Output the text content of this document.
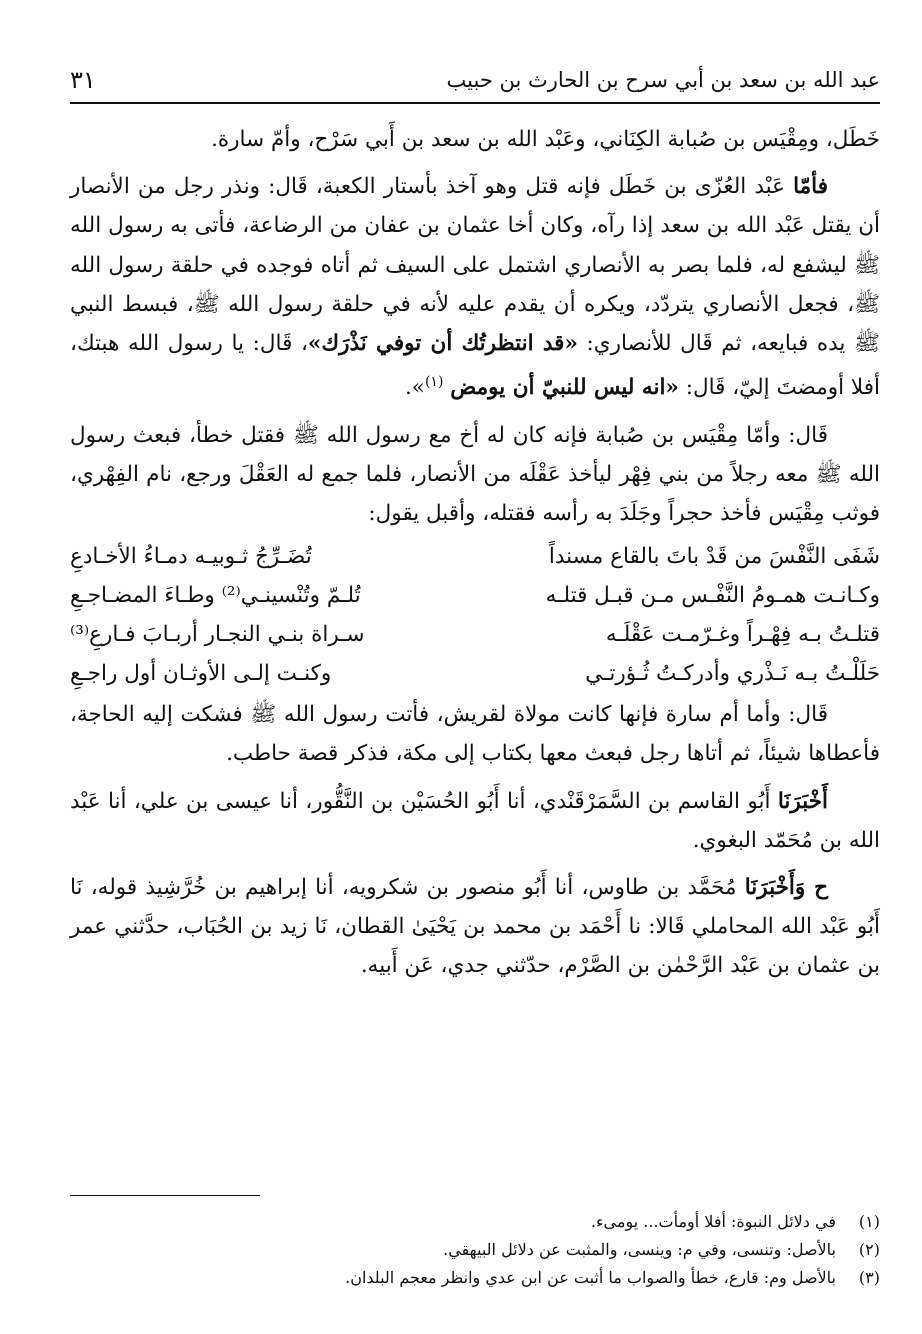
عبد الله بن سعد بن أبي سرح بن الحارث بن حبيب
٣١

خَطَل، ومِقْيَس بن صُبابة الكِنَاني، وعَبْد الله بن سعد بن أَبي سَرْح، وأمّ سارة.

فأمّا عَبْد العُزّى بن خَطَل فإنه قتل وهو آخذ بأستار الكعبة، قَال: ونذر رجل من الأنصار أن يقتل عَبْد الله بن سعد إذا رآه، وكان أخا عثمان بن عفان من الرضاعة، فأتى به رسول الله ﷺ ليشفع له، فلما بصر به الأنصاري اشتمل على السيف ثم أتاه فوجده في حلقة رسول الله ﷺ، فجعل الأنصاري يتردّد، ويكره أن يقدم عليه لأنه في حلقة رسول الله ﷺ، فبسط النبي ﷺ يده فبايعه، ثم قَال للأنصاري: «قد انتظرتُك أن توفي نَذْرَك»، قَال: يا رسول الله هبتك، أفلا أومضتَ إليّ، قَال: «انه ليس للنبيّ أن يومض $^{(١)}$».

قَال: وأمّا مِقْيَس بن صُبابة فإنه كان له أخ مع رسول الله ﷺ فقتل خطأ، فبعث رسول الله ﷺ معه رجلاً من بني فِهْر ليأخذ عَقْلَه من الأنصار، فلما جمع له العَقْلَ ورجع، نام الفِهْري، فوثب مِقْيَس فأخذ حجراً وجَلَدَ به رأسه فقتله، وأقبل يقول:

شَفَى النَّفْسَ من قَدْ باتَ بالقاع مسنداً
تُضَـرِّجُ ثـوبيـه دمـاءُ الأخـادعِ
وكـانـت همـومُ النَّفْـس مـن قبـل قتلـه
تُلـمّ وتُنْسينـي⁽²⁾ وطـاءَ المضـاجـعِ
قتلـتُ بـه فِهْـراً وغـرّمـت عَقْلَـه
سـراة بنـي النجـار أربـابَ فـارعِ⁽³⁾
حَلَلْـتُ بـه نَـذْري وأدركـتُ ثُـؤرتـي
وكنـت إلـى الأوثـان أول راجـعِ

قَال: وأما أم سارة فإنها كانت مولاة لقريش، فأتت رسول الله ﷺ فشكت إليه الحاجة، فأعطاها شيئاً، ثم أتاها رجل فبعث معها بكتاب إلى مكة، فذكر قصة حاطب.

أَخْبَرَنَا أَبُو القاسم بن السَّمَرْقَنْدي، أنا أَبُو الحُسَيْن بن النَّقُّور، أنا عيسى بن علي، أنا عَبْد الله بن مُحَمّد البغوي.

ح وَأَخْبَرَنَا مُحَمَّد بن طاوس، أنا أَبُو منصور بن شكرويه، أنا إبراهيم بن خُرَّشِيذ قوله، نَا أَبُو عَبْد الله المحاملي قَالا: نا أَحْمَد بن محمد بن يَحْيَىٰ القطان، نَا زيد بن الحُبَاب، حدَّثني عمر بن عثمان بن عَبْد الرَّحْمٰن بن الصَّرْم، حدّثني جدي، عَن أَبيه.

(١)
في دلائل النبوة: أفلا أومأت... يومىء.
(٢)
بالأصل: وتنسى، وفي م: وينسى، والمثبت عن دلائل البيهقي.
(٣)
بالأصل وم: قارع، خطأ والصواب ما أثبت عن ابن عدي وانظر معجم البلدان.
